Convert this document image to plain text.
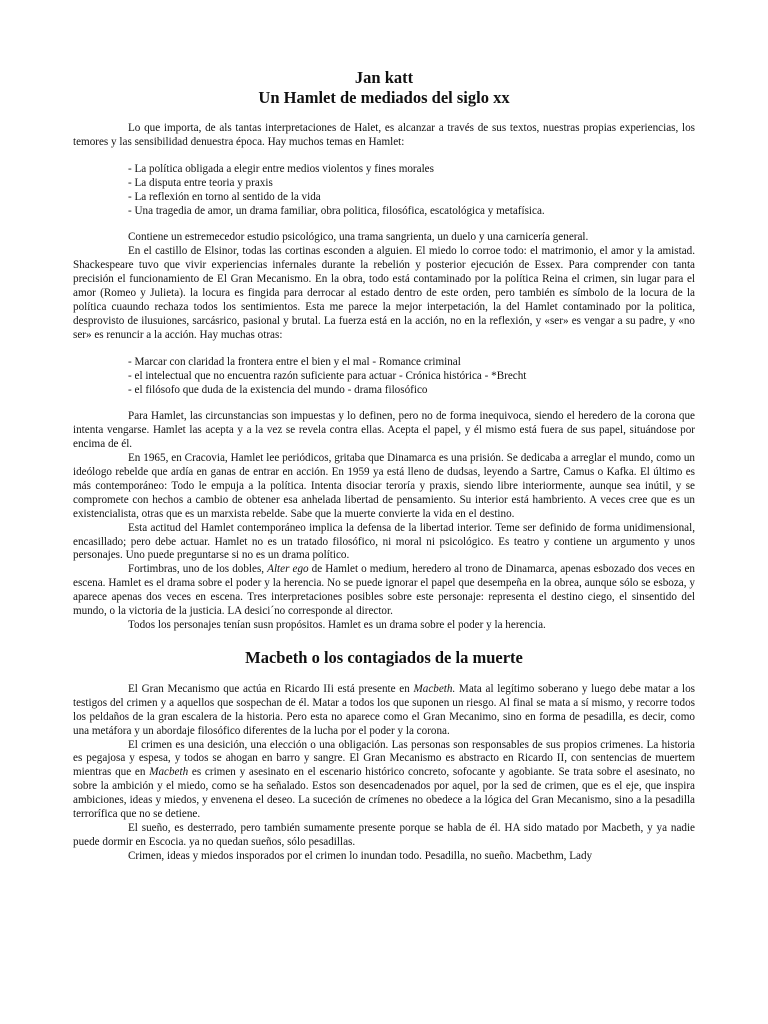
Jan katt
Un Hamlet de mediados del siglo xx

Lo que importa, de als tantas interpretaciones de Halet, es alcanzar a través de sus textos, nuestras propias experiencias, los temores y las sensibilidad denuestra época. Hay muchos temas en Hamlet:

- La política obligada a elegir entre medios violentos y fines morales
- La disputa entre teoria y praxis
- La reflexión en torno al sentido de la vida
- Una tragedia de amor, un drama familiar, obra politica, filosófica, escatológica y metafísica.

Contiene un estremecedor estudio psicológico, una trama sangrienta, un duelo y una carnicería general.

En el castillo de Elsinor, todas las cortinas esconden a alguien. El miedo lo corroe todo: el matrimonio, el amor y la amistad. Shackespeare tuvo que vivir experiencias infernales durante la rebelión y posterior ejecución de Essex. Para comprender con tanta precisión el funcionamiento de El Gran Mecanismo. En la obra, todo está contaminado por la política Reina el crimen, sin lugar para el amor (Romeo y Julieta). la locura es fingida para derrocar al estado dentro de este orden, pero también es símbolo de la locura de la política cuaundo rechaza todos los sentimientos. Esta me parece la mejor interpetación, la del Hamlet contaminado por la politica, desprovisto de ilusuiones, sarcásrico, pasional y brutal. La fuerza está en la acción, no en la reflexión, y «ser» es vengar a su padre, y «no ser» es renuncir a la acción. Hay muchas otras:

- Marcar con claridad la frontera entre el bien y el mal - Romance criminal
- el intelectual que no encuentra razón suficiente para actuar - Crónica histórica - *Brecht
- el filósofo que duda de la existencia del mundo - drama filosófico

Para Hamlet, las circunstancias son impuestas y lo definen, pero no de forma inequivoca, siendo el heredero de la corona que intenta vengarse. Hamlet las acepta y a la vez se revela contra ellas. Acepta el papel, y él mismo está fuera de sus papel, situándose por encima de él.

En 1965, en Cracovia, Hamlet lee periódicos, gritaba que Dinamarca es una prisión. Se dedicaba a arreglar el mundo, como un ideólogo rebelde que ardía en ganas de entrar en acción. En 1959 ya está lleno de dudsas, leyendo a Sartre, Camus o Kafka. El último es más contemporáneo: Todo le empuja a la política. Intenta disociar teroría y praxis, siendo libre interiormente, aunque sea inútil, y se compromete con hechos a cambio de obtener esa anhelada libertad de pensamiento. Su interior está hambriento. A veces cree que es un existencialista, otras que es un marxista rebelde. Sabe que la muerte convierte la vida en el destino.

Esta actitud del Hamlet contemporáneo implica la defensa de la libertad interior. Teme ser definido de forma unidimensional, encasillado; pero debe actuar. Hamlet no es un tratado filosófico, ni moral ni psicológico. Es teatro y contiene un argumento y unos personajes. Uno puede preguntarse si no es un drama político.

Fortimbras, uno de los dobles, Alter ego de Hamlet o medium, heredero al trono de Dinamarca, apenas esbozado dos veces en escena. Hamlet es el drama sobre el poder y la herencia. No se puede ignorar el papel que desempeña en la obrea, aunque sólo se esboza, y aparece apenas dos veces en escena. Tres interpretaciones posibles sobre este personaje: representa el destino ciego, el sinsentido del mundo, o la victoria de la justicia. LA desici´no corresponde al director.

Todos los personajes tenían susn propósitos. Hamlet es un drama sobre el poder y la herencia.

Macbeth o los contagiados de la muerte

El Gran Mecanismo que actúa en Ricardo IIi está presente en Macbeth. Mata al legítimo soberano y luego debe matar a los testigos del crimen y a aquellos que sospechan de él. Matar a todos los que suponen un riesgo. Al final se mata a sí mismo, y recorre todos los peldaños de la gran escalera de la historia. Pero esta no aparece como el Gran Mecanimo, sino en forma de pesadilla, es decir, como una metáfora y un abordaje filosófico diferentes de la lucha por el poder y la corona.

El crimen es una desición, una elección o una obligación. Las personas son responsables de sus propios crimenes. La historia es pegajosa y espesa, y todos se ahogan en barro y sangre. El Gran Mecanismo es abstracto en Ricardo II, con sentencias de muertem mientras que en Macbeth es crimen y asesinato en el escenario histórico concreto, sofocante y agobiante. Se trata sobre el asesinato, no sobre la ambición y el miedo, como se ha señalado. Estos son desencadenados por aquel, por la sed de crimen, que es el eje, que inspira ambiciones, ideas y miedos, y envenena el deseo. La suceción de crímenes no obedece a la lógica del Gran Mecanismo, sino a la pesadilla terrorífica que no se detiene.

El sueño, es desterrado, pero también sumamente presente porque se habla de él. HA sido matado por Macbeth, y ya nadie puede dormir en Escocia. ya no quedan sueños, sólo pesadillas.

Crimen, ideas y miedos insporados por el crimen lo inundan todo. Pesadilla, no sueño. Macbethm, Lady
